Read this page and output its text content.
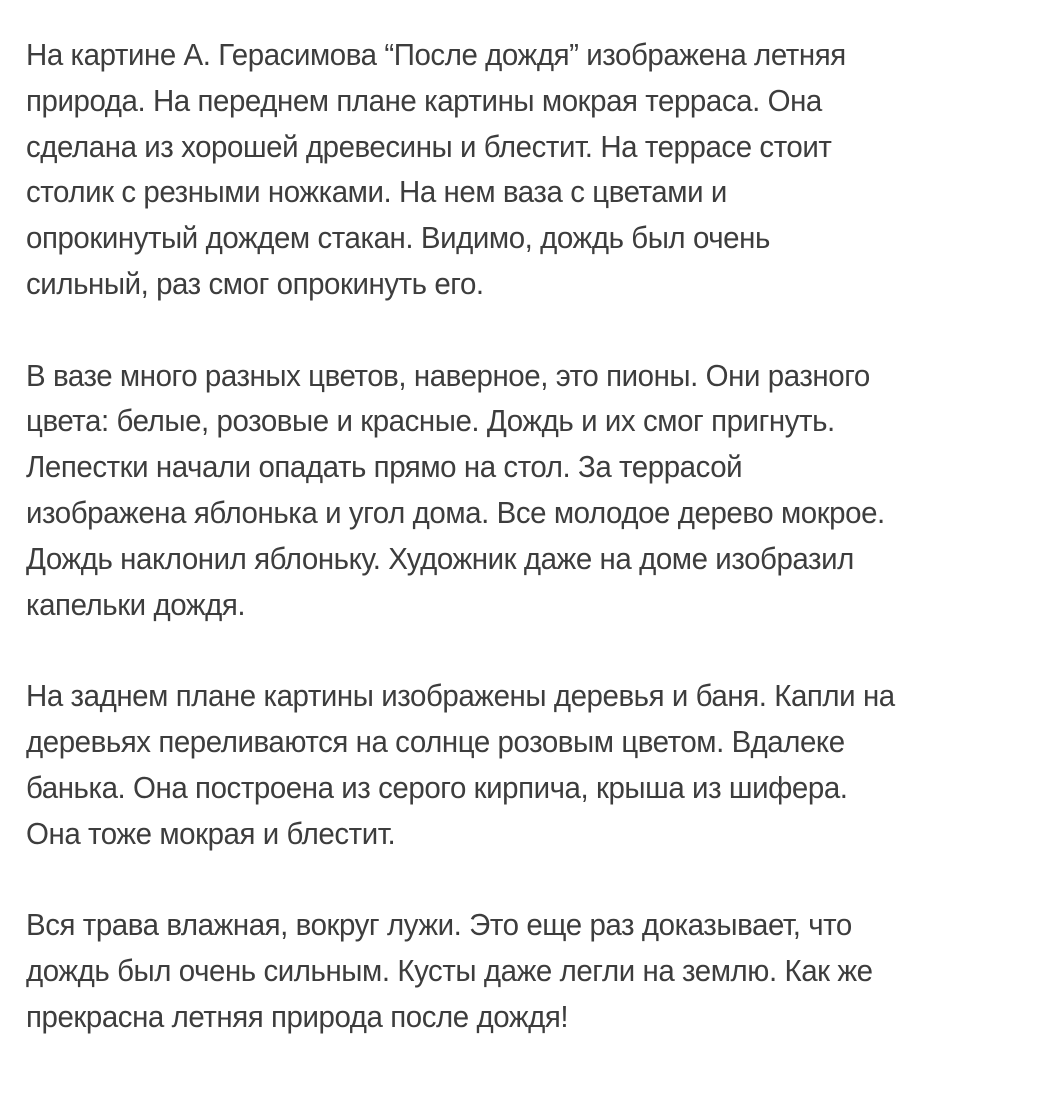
На картине А. Герасимова “После дождя” изображена летняя
природа. На переднем плане картины мокрая терраса. Она
сделана из хорошей древесины и блестит. На террасе стоит
столик с резными ножками. На нем ваза с цветами и
опрокинутый дождем стакан. Видимо, дождь был очень
сильный, раз смог опрокинуть его.

В вазе много разных цветов, наверное, это пионы. Они разного
цвета: белые, розовые и красные. Дождь и их смог пригнуть.
Лепестки начали опадать прямо на стол. За террасой
изображена яблонька и угол дома. Все молодое дерево мокрое.
Дождь наклонил яблоньку. Художник даже на доме изобразил
капельки дождя.

На заднем плане картины изображены деревья и баня. Капли на
деревьях переливаются на солнце розовым цветом. Вдалеке
банька. Она построена из серого кирпича, крыша из шифера.
Она тоже мокрая и блестит.

Вся трава влажная, вокруг лужи. Это еще раз доказывает, что
дождь был очень сильным. Кусты даже легли на землю. Как же
прекрасна летняя природа после дождя!
